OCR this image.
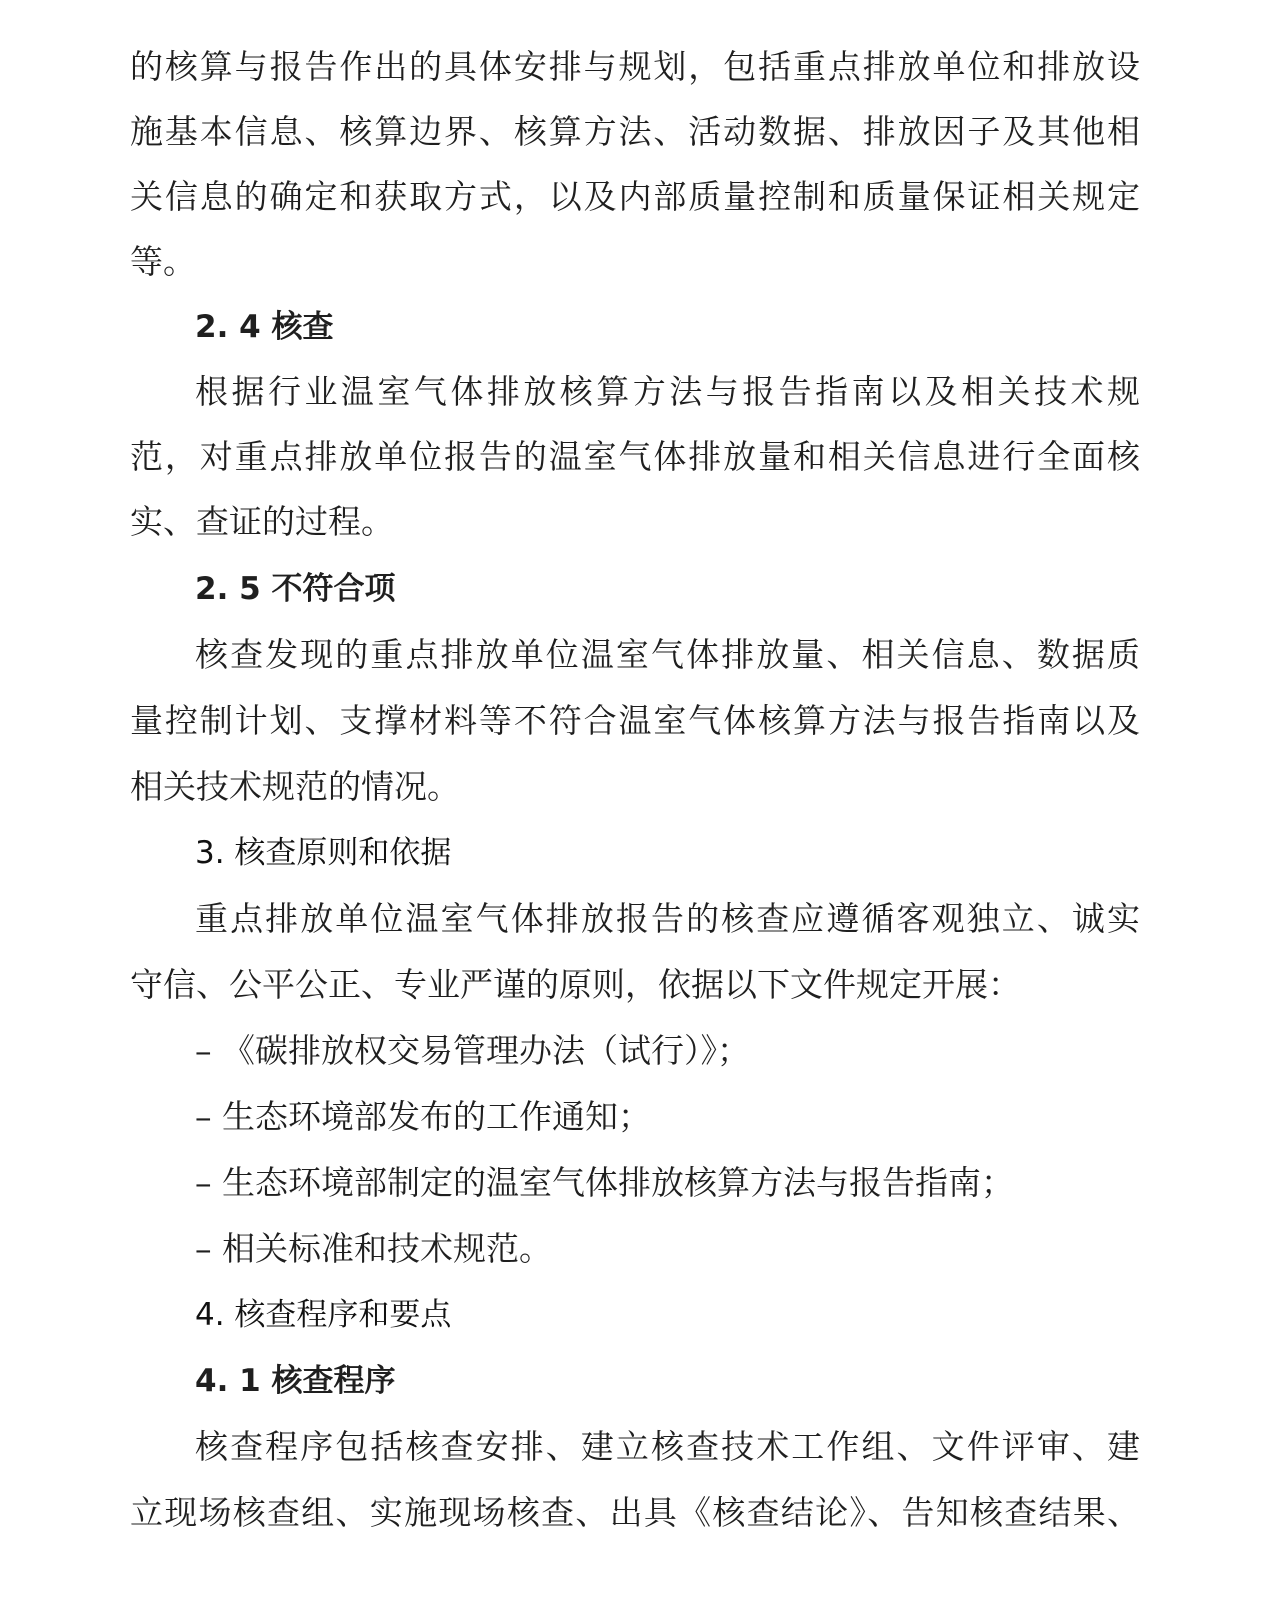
的核算与报告作出的具体安排与规划，包括重点排放单位和排放设
施基本信息、核算边界、核算方法、活动数据、排放因子及其他相
关信息的确定和获取方式，以及内部质量控制和质量保证相关规定
等。
2. 4 核查
根据行业温室气体排放核算方法与报告指南以及相关技术规
范，对重点排放单位报告的温室气体排放量和相关信息进行全面核
实、查证的过程。
2. 5 不符合项
核查发现的重点排放单位温室气体排放量、相关信息、数据质
量控制计划、支撑材料等不符合温室气体核算方法与报告指南以及
相关技术规范的情况。
3. 核查原则和依据
重点排放单位温室气体排放报告的核查应遵循客观独立、诚实
守信、公平公正、专业严谨的原则，依据以下文件规定开展：
– 《碳排放权交易管理办法（试行）》；
– 生态环境部发布的工作通知；
– 生态环境部制定的温室气体排放核算方法与报告指南；
– 相关标准和技术规范。
4. 核查程序和要点
4. 1 核查程序
核查程序包括核查安排、建立核查技术工作组、文件评审、建
立现场核查组、实施现场核查、出具《核查结论》、告知核查结果、
